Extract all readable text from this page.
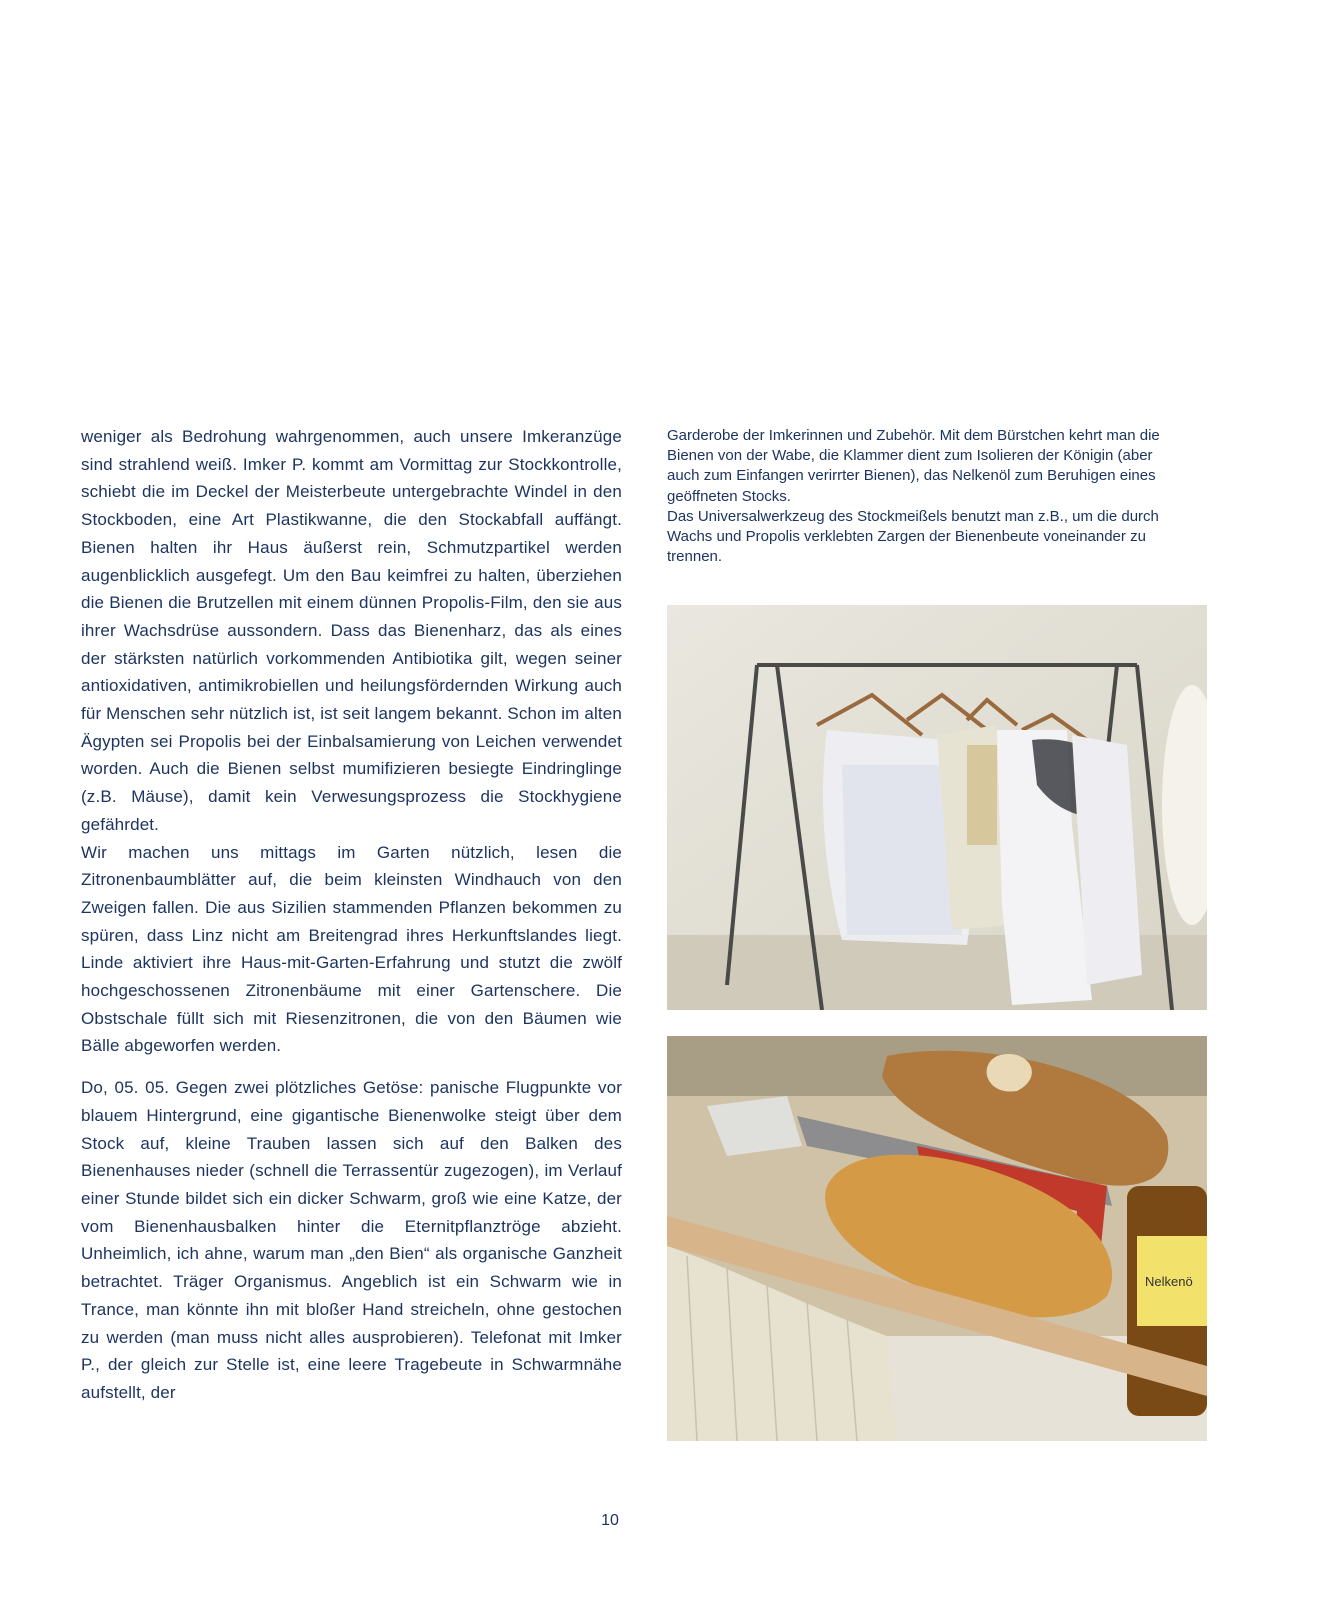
weniger als Bedrohung wahrgenommen, auch unsere Imkeranzüge sind strahlend weiß. Imker P. kommt am Vormittag zur Stockkontrolle, schiebt die im Deckel der Meisterbeute untergebrachte Windel in den Stockboden, eine Art Plastikwanne, die den Stockabfall auffängt. Bienen halten ihr Haus äußerst rein, Schmutzpartikel werden augenblicklich ausgefegt. Um den Bau keimfrei zu halten, überziehen die Bienen die Brutzellen mit einem dünnen Propolis-Film, den sie aus ihrer Wachsdrüse aussondern. Dass das Bienenharz, das als eines der stärksten natürlich vorkommenden Antibiotika gilt, wegen seiner antioxidativen, antimikrobiellen und heilungsfördernden Wirkung auch für Menschen sehr nützlich ist, ist seit langem bekannt. Schon im alten Ägypten sei Propolis bei der Einbalsamierung von Leichen verwendet worden. Auch die Bienen selbst mumifizieren besiegte Eindringlinge (z.B. Mäuse), damit kein Verwesungsprozess die Stockhygiene gefährdet.

Wir machen uns mittags im Garten nützlich, lesen die Zitronenbaumblätter auf, die beim kleinsten Windhauch von den Zweigen fallen. Die aus Sizilien stammenden Pflanzen bekommen zu spüren, dass Linz nicht am Breitengrad ihres Herkunftslandes liegt. Linde aktiviert ihre Haus-mit-Garten-Erfahrung und stutzt die zwölf hochgeschossenen Zitronenbäume mit einer Gartenschere. Die Obstschale füllt sich mit Riesenzitronen, die von den Bäumen wie Bälle abgeworfen werden.

Do, 05. 05. Gegen zwei plötzliches Getöse: panische Flugpunkte vor blauem Hintergrund, eine gigantische Bienenwolke steigt über dem Stock auf, kleine Trauben lassen sich auf den Balken des Bienenhauses nieder (schnell die Terrassentür zugezogen), im Verlauf einer Stunde bildet sich ein dicker Schwarm, groß wie eine Katze, der vom Bienenhausbalken hinter die Eternitpflanztröge abzieht. Unheimlich, ich ahne, warum man „den Bien“ als organische Ganzheit betrachtet. Träger Organismus. Angeblich ist ein Schwarm wie in Trance, man könnte ihn mit bloßer Hand streicheln, ohne gestochen zu werden (man muss nicht alles ausprobieren). Telefonat mit Imker P., der gleich zur Stelle ist, eine leere Tragebeute in Schwarmnähe aufstellt, der

Garderobe der Imkerinnen und Zubehör. Mit dem Bürstchen kehrt man die Bienen von der Wabe, die Klammer dient zum Isolieren der Königin (aber auch zum Einfangen verirrter Bienen), das Nelkenöl zum Beruhigen eines geöffneten Stocks.

Das Universalwerkzeug des Stockmeißels benutzt man z.B., um die durch Wachs und Propolis verklebten Zargen der Bienenbeute voneinander zu trennen.

Nelkenö
10
